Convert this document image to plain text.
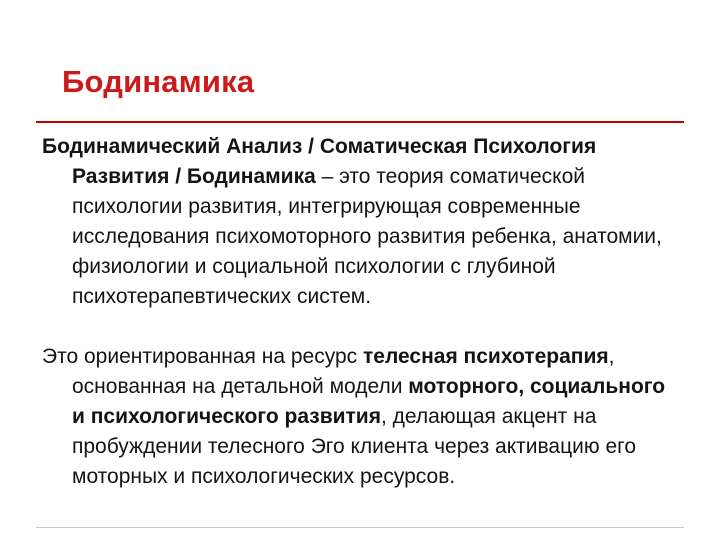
Бодинамика

Бодинамический Анализ / Соматическая Психология Развития / Бодинамика – это теория соматической психологии развития, интегрирующая современные исследования психомоторного развития ребенка, анатомии, физиологии и социальной психологии с глубиной психотерапевтических систем.

Это ориентированная на ресурс телесная психотерапия, основанная на детальной модели моторного, социального и психологического развития, делающая акцент на пробуждении телесного Эго клиента через активацию его моторных и психологических ресурсов.
